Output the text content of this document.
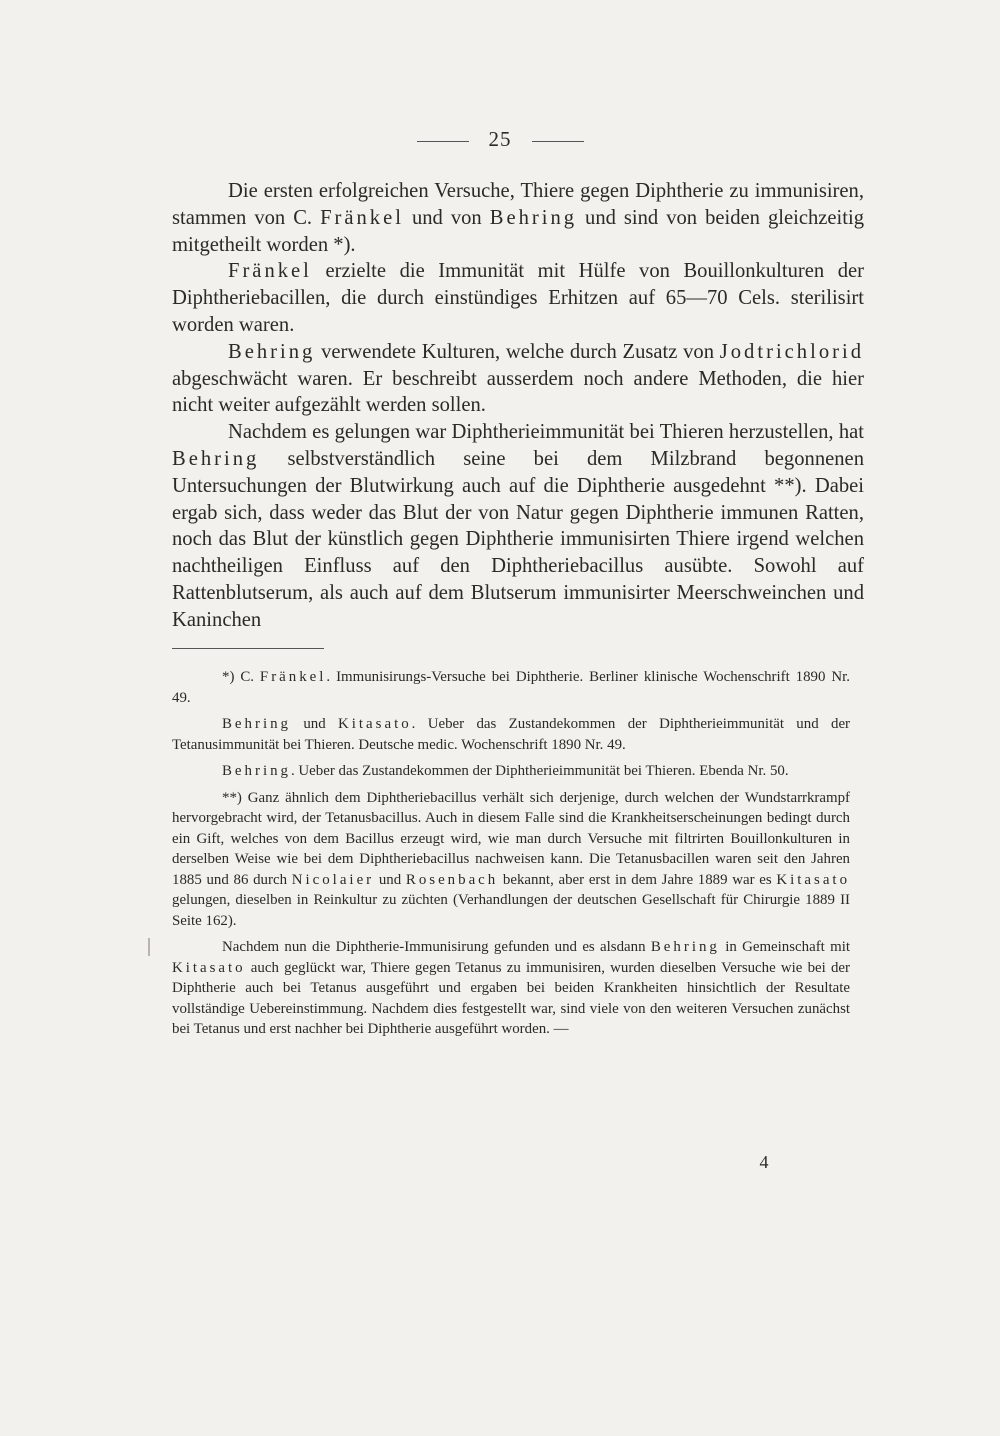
25

Die ersten erfolgreichen Versuche, Thiere gegen Diphtherie zu immunisiren, stammen von C. Fränkel und von Behring und sind von beiden gleichzeitig mitgetheilt worden *).

Fränkel erzielte die Immunität mit Hülfe von Bouillonkulturen der Diphtheriebacillen, die durch einstündiges Erhitzen auf 65—70 Cels. sterilisirt worden waren.

Behring verwendete Kulturen, welche durch Zusatz von Jodtrichlorid abgeschwächt waren. Er beschreibt ausserdem noch andere Methoden, die hier nicht weiter aufgezählt werden sollen.

Nachdem es gelungen war Diphtherieimmunität bei Thieren herzustellen, hat Behring selbstverständlich seine bei dem Milzbrand begonnenen Untersuchungen der Blutwirkung auch auf die Diphtherie ausgedehnt **). Dabei ergab sich, dass weder das Blut der von Natur gegen Diphtherie immunen Ratten, noch das Blut der künstlich gegen Diphtherie immunisirten Thiere irgend welchen nachtheiligen Einfluss auf den Diphtheriebacillus ausübte. Sowohl auf Rattenblutserum, als auch auf dem Blutserum immunisirter Meerschweinchen und Kaninchen

*) C. Fränkel. Immunisirungs-Versuche bei Diphtherie. Berliner klinische Wochenschrift 1890 Nr. 49.

Behring und Kitasato. Ueber das Zustandekommen der Diphtherieimmunität und der Tetanusimmunität bei Thieren. Deutsche medic. Wochenschrift 1890 Nr. 49.

Behring. Ueber das Zustandekommen der Diphtherieimmunität bei Thieren. Ebenda Nr. 50.

**) Ganz ähnlich dem Diphtheriebacillus verhält sich derjenige, durch welchen der Wundstarrkrampf hervorgebracht wird, der Tetanusbacillus. Auch in diesem Falle sind die Krankheitserscheinungen bedingt durch ein Gift, welches von dem Bacillus erzeugt wird, wie man durch Versuche mit filtrirten Bouillonkulturen in derselben Weise wie bei dem Diphtheriebacillus nachweisen kann. Die Tetanusbacillen waren seit den Jahren 1885 und 86 durch Nicolaier und Rosenbach bekannt, aber erst in dem Jahre 1889 war es Kitasato gelungen, dieselben in Reinkultur zu züchten (Verhandlungen der deutschen Gesellschaft für Chirurgie 1889 II Seite 162).

Nachdem nun die Diphtherie-Immunisirung gefunden und es alsdann Behring in Gemeinschaft mit Kitasato auch geglückt war, Thiere gegen Tetanus zu immunisiren, wurden dieselben Versuche wie bei der Diphtherie auch bei Tetanus ausgeführt und ergaben bei beiden Krankheiten hinsichtlich der Resultate vollständige Uebereinstimmung. Nachdem dies festgestellt war, sind viele von den weiteren Versuchen zunächst bei Tetanus und erst nachher bei Diphtherie ausgeführt worden. —

4
